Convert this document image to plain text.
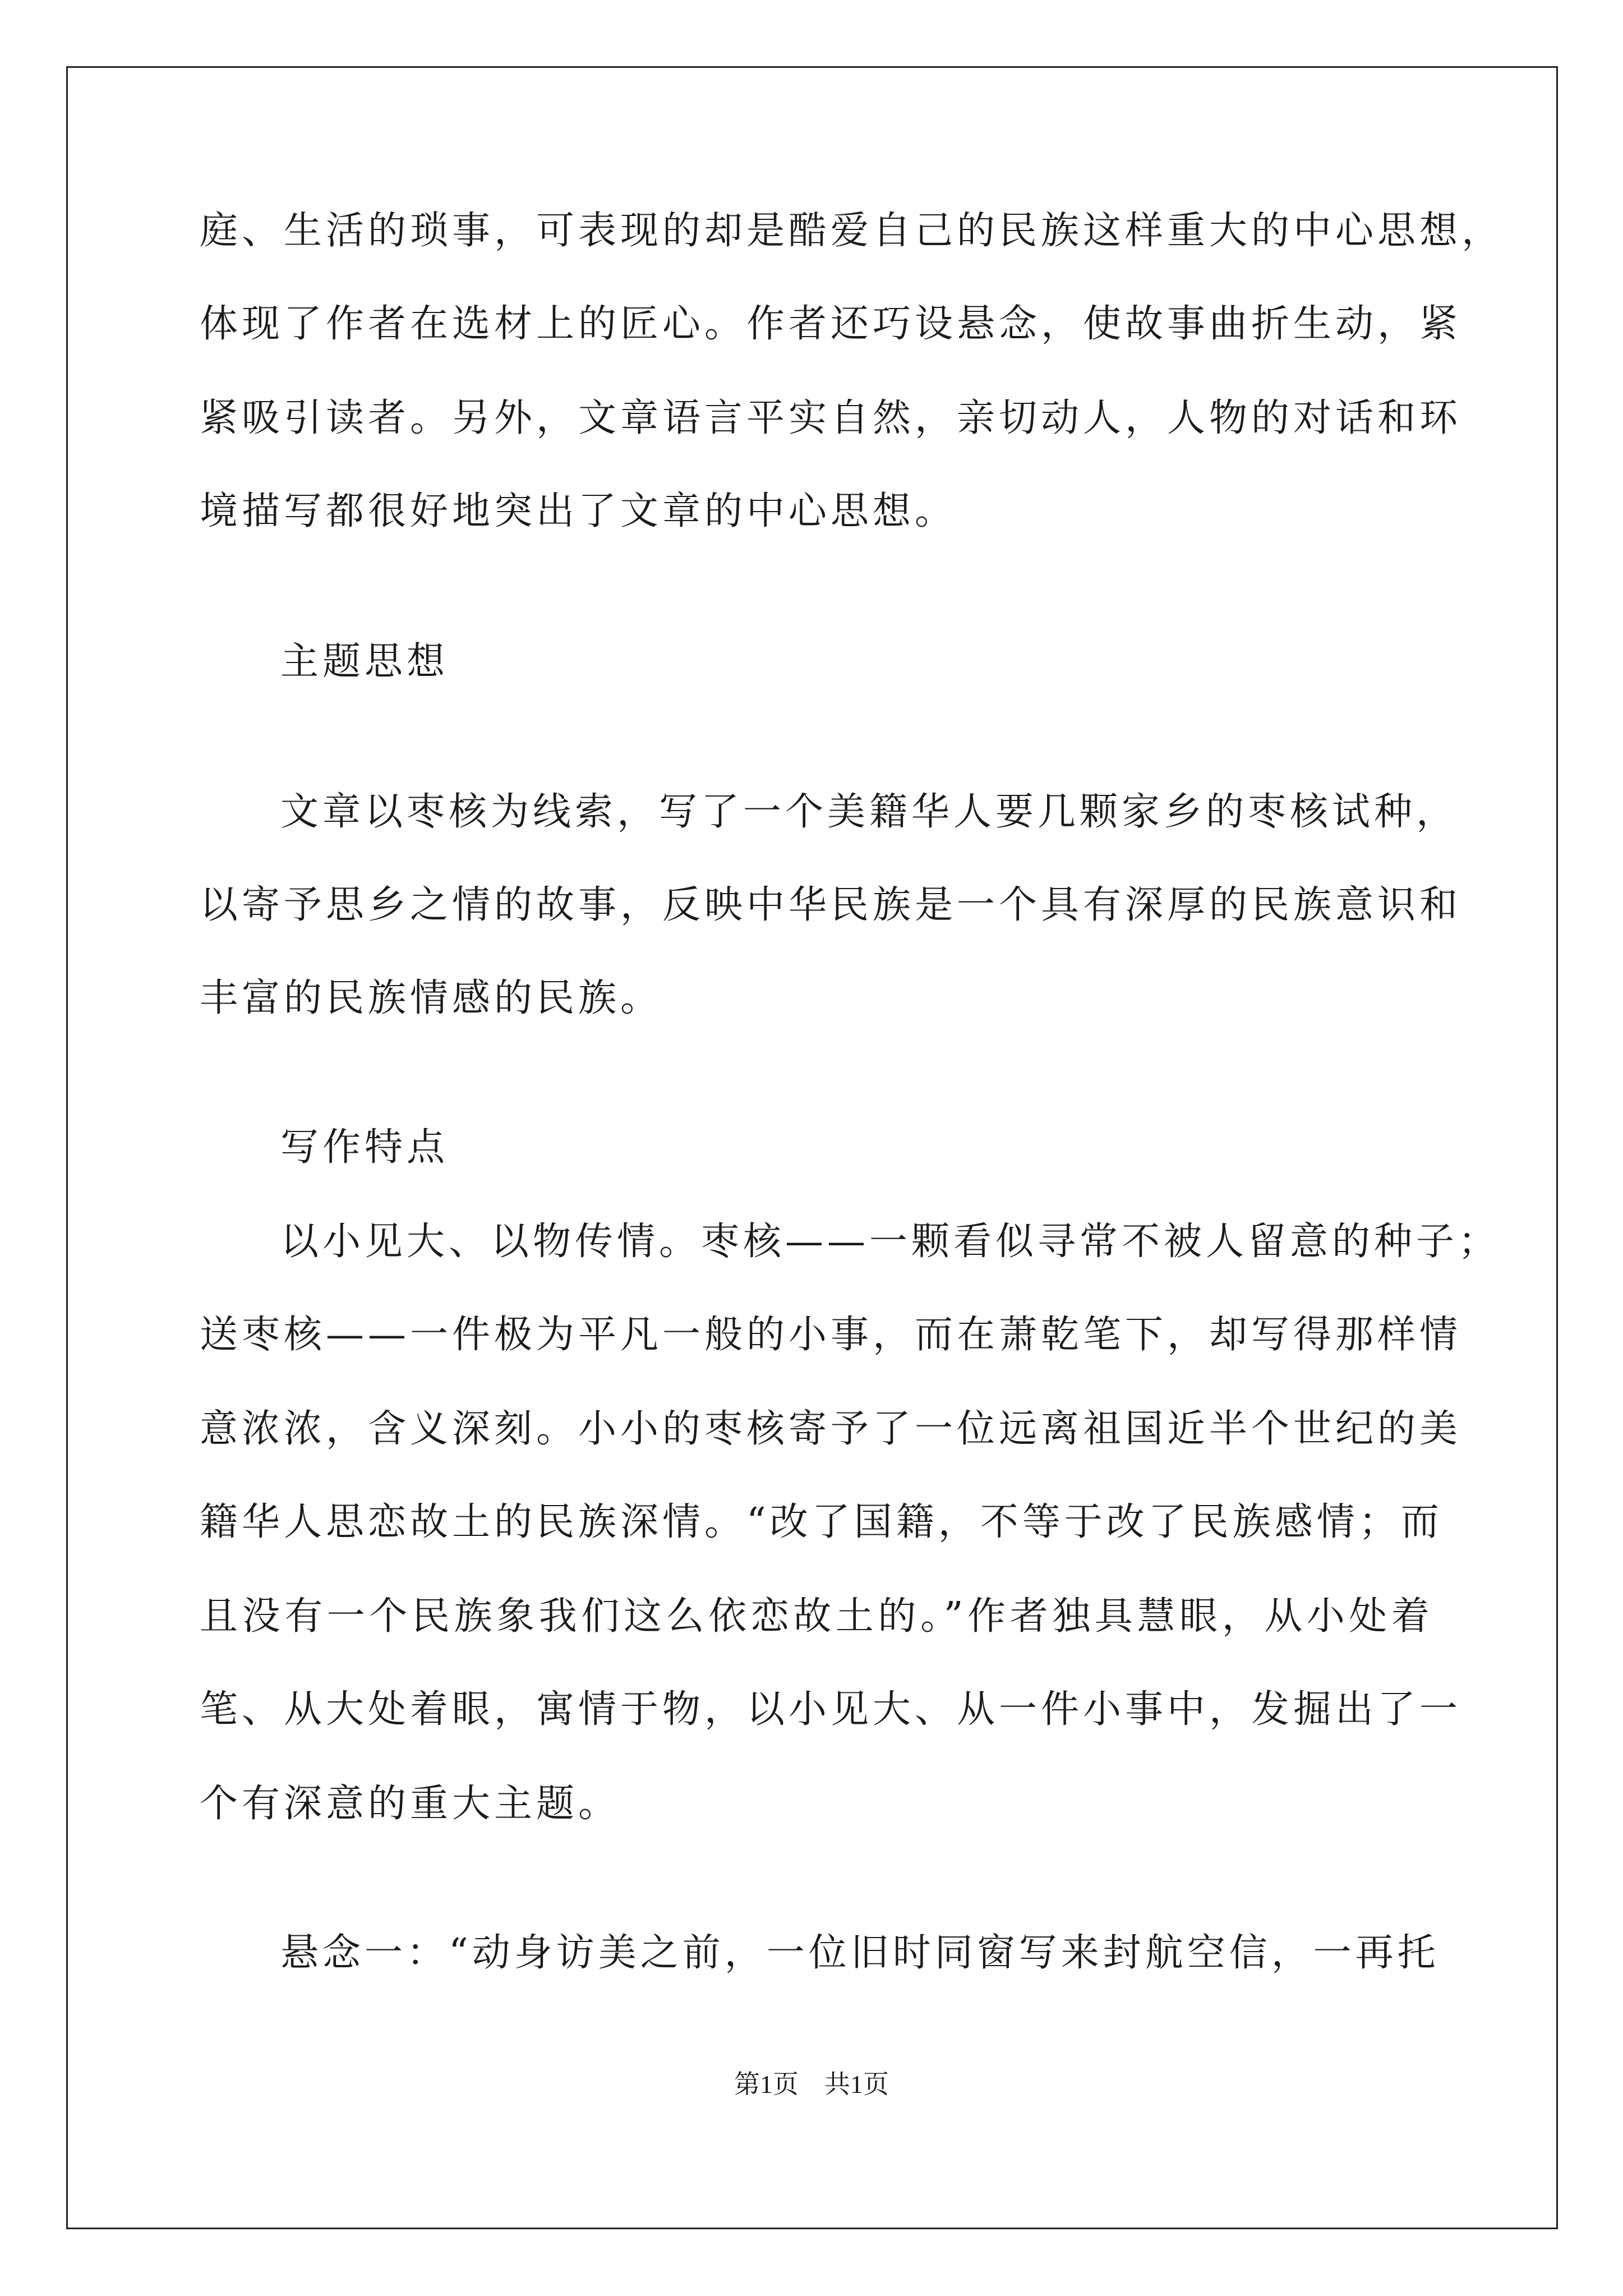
庭、生活的琐事，可表现的却是酷爱自己的民族这样重大的中心思想，
体现了作者在选材上的匠心。作者还巧设悬念，使故事曲折生动，紧
紧吸引读者。另外，文章语言平实自然，亲切动人，人物的对话和环
境描写都很好地突出了文章的中心思想。
主题思想
文章以枣核为线索，写了一个美籍华人要几颗家乡的枣核试种，
以寄予思乡之情的故事，反映中华民族是一个具有深厚的民族意识和
丰富的民族情感的民族。
写作特点
以小见大、以物传情。枣核——一颗看似寻常不被人留意的种子；
送枣核——一件极为平凡一般的小事，而在萧乾笔下，却写得那样情
意浓浓，含义深刻。小小的枣核寄予了一位远离祖国近半个世纪的美
籍华人思恋故土的民族深情。“改了国籍，不等于改了民族感情；而
且没有一个民族象我们这么依恋故土的。”作者独具慧眼，从小处着
笔、从大处着眼，寓情于物，以小见大、从一件小事中，发掘出了一
个有深意的重大主题。
悬念一：“动身访美之前，一位旧时同窗写来封航空信，一再托
第1页　共1页
